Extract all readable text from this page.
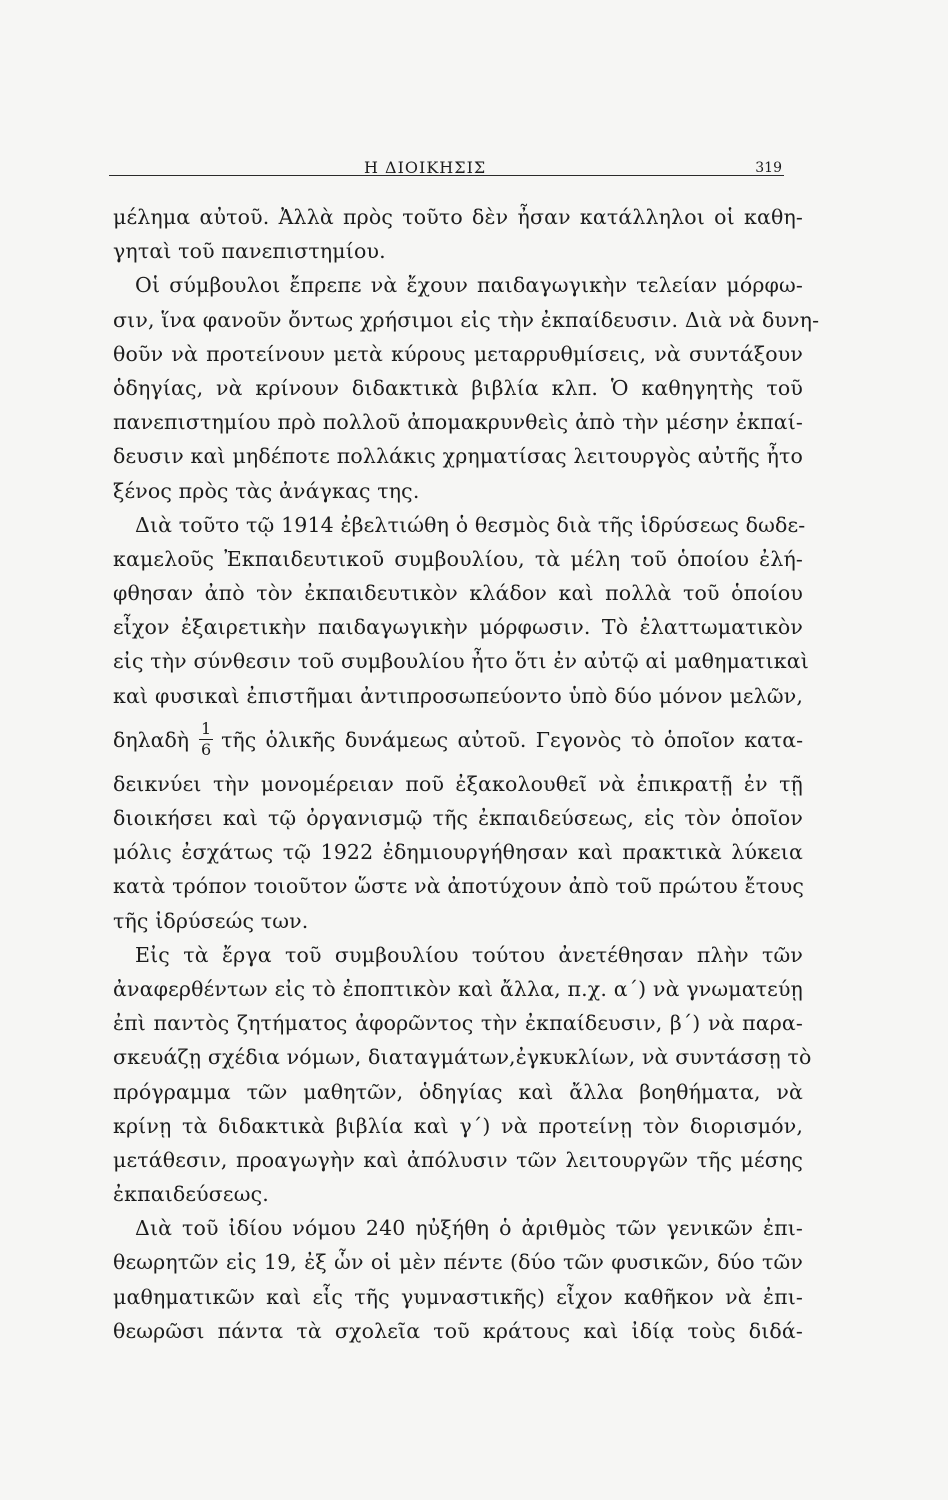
Η ΔΙΟΙΚΗΣΙΣ	319
μέλημα αὐτοῦ. Ἀλλὰ πρὸς τοῦτο δὲν ἦσαν κατάλληλοι οἱ καθη-
γηταὶ τοῦ πανεπιστημίου.
Οἱ σύμβουλοι ἔπρεπε νὰ ἔχουν παιδαγωγικὴν τελείαν μόρφω-
σιν, ἵνα φανοῦν ὄντως χρήσιμοι εἰς τὴν ἐκπαίδευσιν. Διὰ νὰ δυνη-
θοῦν νὰ προτείνουν μετὰ κύρους μεταρρυθμίσεις, νὰ συντάξουν
ὁδηγίας, νὰ κρίνουν διδακτικὰ βιβλία κλπ. Ὁ καθηγητὴς τοῦ
πανεπιστημίου πρὸ πολλοῦ ἀπομακρυνθεὶς ἀπὸ τὴν μέσην ἐκπαί-
δευσιν καὶ μηδέποτε πολλάκις χρηματίσας λειτουργὸς αὐτῆς ἦτο
ξένος πρὸς τὰς ἀνάγκας της.
Διὰ τοῦτο τῷ 1914 ἐβελτιώθη ὁ θεσμὸς διὰ τῆς ἱδρύσεως δωδε-
καμελοῦς Ἐκπαιδευτικοῦ συμβουλίου, τὰ μέλη τοῦ ὁποίου ἐλή-
φθησαν ἀπὸ τὸν ἐκπαιδευτικὸν κλάδον καὶ πολλὰ τοῦ ὁποίου
εἶχον ἐξαιρετικὴν παιδαγωγικὴν μόρφωσιν. Τὸ ἐλαττωματικὸν
εἰς τὴν σύνθεσιν τοῦ συμβουλίου ἦτο ὅτι ἐν αὐτῷ αἱ μαθηματικαὶ
καὶ φυσικαὶ ἐπιστῆμαι ἀντιπροσωπεύοντο ὑπὸ δύο μόνον μελῶν,
δηλαδὴ $\frac{1}{6}$ τῆς ὁλικῆς δυνάμεως αὐτοῦ. Γεγονὸς τὸ ὁποῖον κατα-
δεικνύει τὴν μονομέρειαν ποῦ ἐξακολουθεῖ νὰ ἐπικρατῇ ἐν τῇ
διοικήσει καὶ τῷ ὀργανισμῷ τῆς ἐκπαιδεύσεως, εἰς τὸν ὁποῖον
μόλις ἐσχάτως τῷ 1922 ἐδημιουργήθησαν καὶ πρακτικὰ λύκεια
κατὰ τρόπον τοιοῦτον ὥστε νὰ ἀποτύχουν ἀπὸ τοῦ πρώτου ἔτους
τῆς ἱδρύσεώς των.
Εἰς τὰ ἔργα τοῦ συμβουλίου τούτου ἀνετέθησαν πλὴν τῶν
ἀναφερθέντων εἰς τὸ ἐποπτικὸν καὶ ἄλλα, π.χ. α΄) νὰ γνωματεύῃ
ἐπὶ παντὸς ζητήματος ἀφορῶντος τὴν ἐκπαίδευσιν, β΄) νὰ παρα-
σκευάζῃ σχέδια νόμων, διαταγμάτων,ἐγκυκλίων, νὰ συντάσσῃ τὸ
πρόγραμμα τῶν μαθητῶν, ὁδηγίας καὶ ἄλλα βοηθήματα, νὰ
κρίνῃ τὰ διδακτικὰ βιβλία καὶ γ΄) νὰ προτείνῃ τὸν διορισμόν,
μετάθεσιν, προαγωγὴν καὶ ἀπόλυσιν τῶν λειτουργῶν τῆς μέσης
ἐκπαιδεύσεως.
Διὰ τοῦ ἰδίου νόμου 240 ηὐξήθη ὁ ἀριθμὸς τῶν γενικῶν ἐπι-
θεωρητῶν εἰς 19, ἐξ ὧν οἱ μὲν πέντε (δύο τῶν φυσικῶν, δύο τῶν
μαθηματικῶν καὶ εἷς τῆς γυμναστικῆς) εἶχον καθῆκον νὰ ἐπι-
θεωρῶσι πάντα τὰ σχολεῖα τοῦ κράτους καὶ ἰδίᾳ τοὺς διδά-
